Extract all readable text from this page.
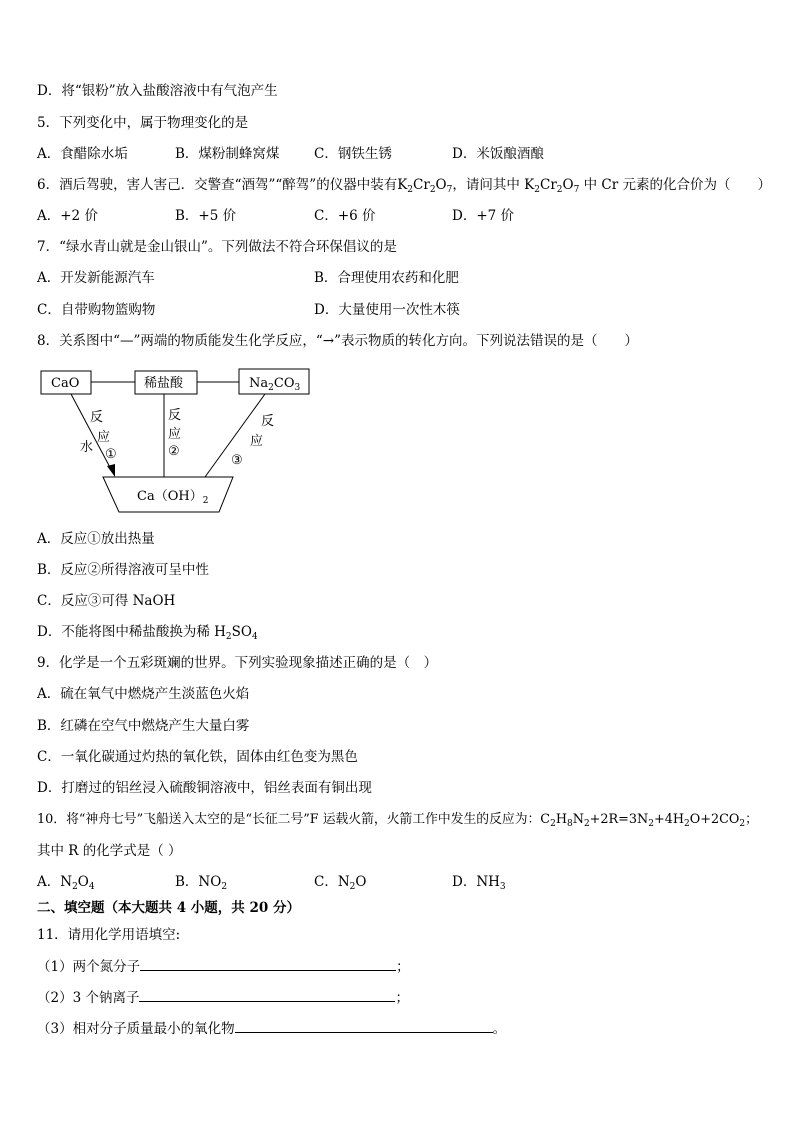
D．将“银粉”放入盐酸溶液中有气泡产生
5．下列变化中，属于物理变化的是
A．食醋除水垢	B．煤粉制蜂窝煤	C．钢铁生锈	D．米饭酿酒酿
6．酒后驾驶，害人害己．交警查“酒驾”“醉驾”的仪器中装有$K_2Cr_2O_7$，请问其中 $K_2Cr_2O_7$ 中 Cr 元素的化合价为（　　）
A．+2 价	B．+5 价	C．+6 价	D．+7 价
7．“绿水青山就是金山银山”。下列做法不符合环保倡议的是
A．开发新能源汽车	B．合理使用农药和化肥
C．自带购物篮购物	D．大量使用一次性木筷
8．关系图中“—”两端的物质能发生化学反应，“→”表示物质的转化方向。下列说法错误的是（　　）
CaO	稀盐酸	$Na_2CO_3$
$Ca(OH)_2$
反
应
水 ①
反
应
②
反
应
③
A．反应①放出热量
B．反应②所得溶液可呈中性
C．反应③可得 NaOH
D．不能将图中稀盐酸换为稀 $H_2SO_4$
9．化学是一个五彩斑斓的世界。下列实验现象描述正确的是（　）
A．硫在氧气中燃烧产生淡蓝色火焰
B．红磷在空气中燃烧产生大量白雾
C．一氧化碳通过灼热的氧化铁，固体由红色变为黑色
D．打磨过的铝丝浸入硫酸铜溶液中，铝丝表面有铜出现
10．将“神舟七号”飞船送入太空的是“长征二号”F 运载火箭，火箭工作中发生的反应为：$C_2H_8N_2+2R=3N_2+4H_2O+2CO_2$；
其中 R 的化学式是（ ）
A．$N_2O_4$	B．$NO_2$	C．$N_2O$	D．$NH_3$
二、填空题（本大题共 4 小题，共 20 分）
11．请用化学用语填空:
（1）两个氮分子	；
（2）3 个钠离子	；
（3）相对分子质量最小的氧化物	。
